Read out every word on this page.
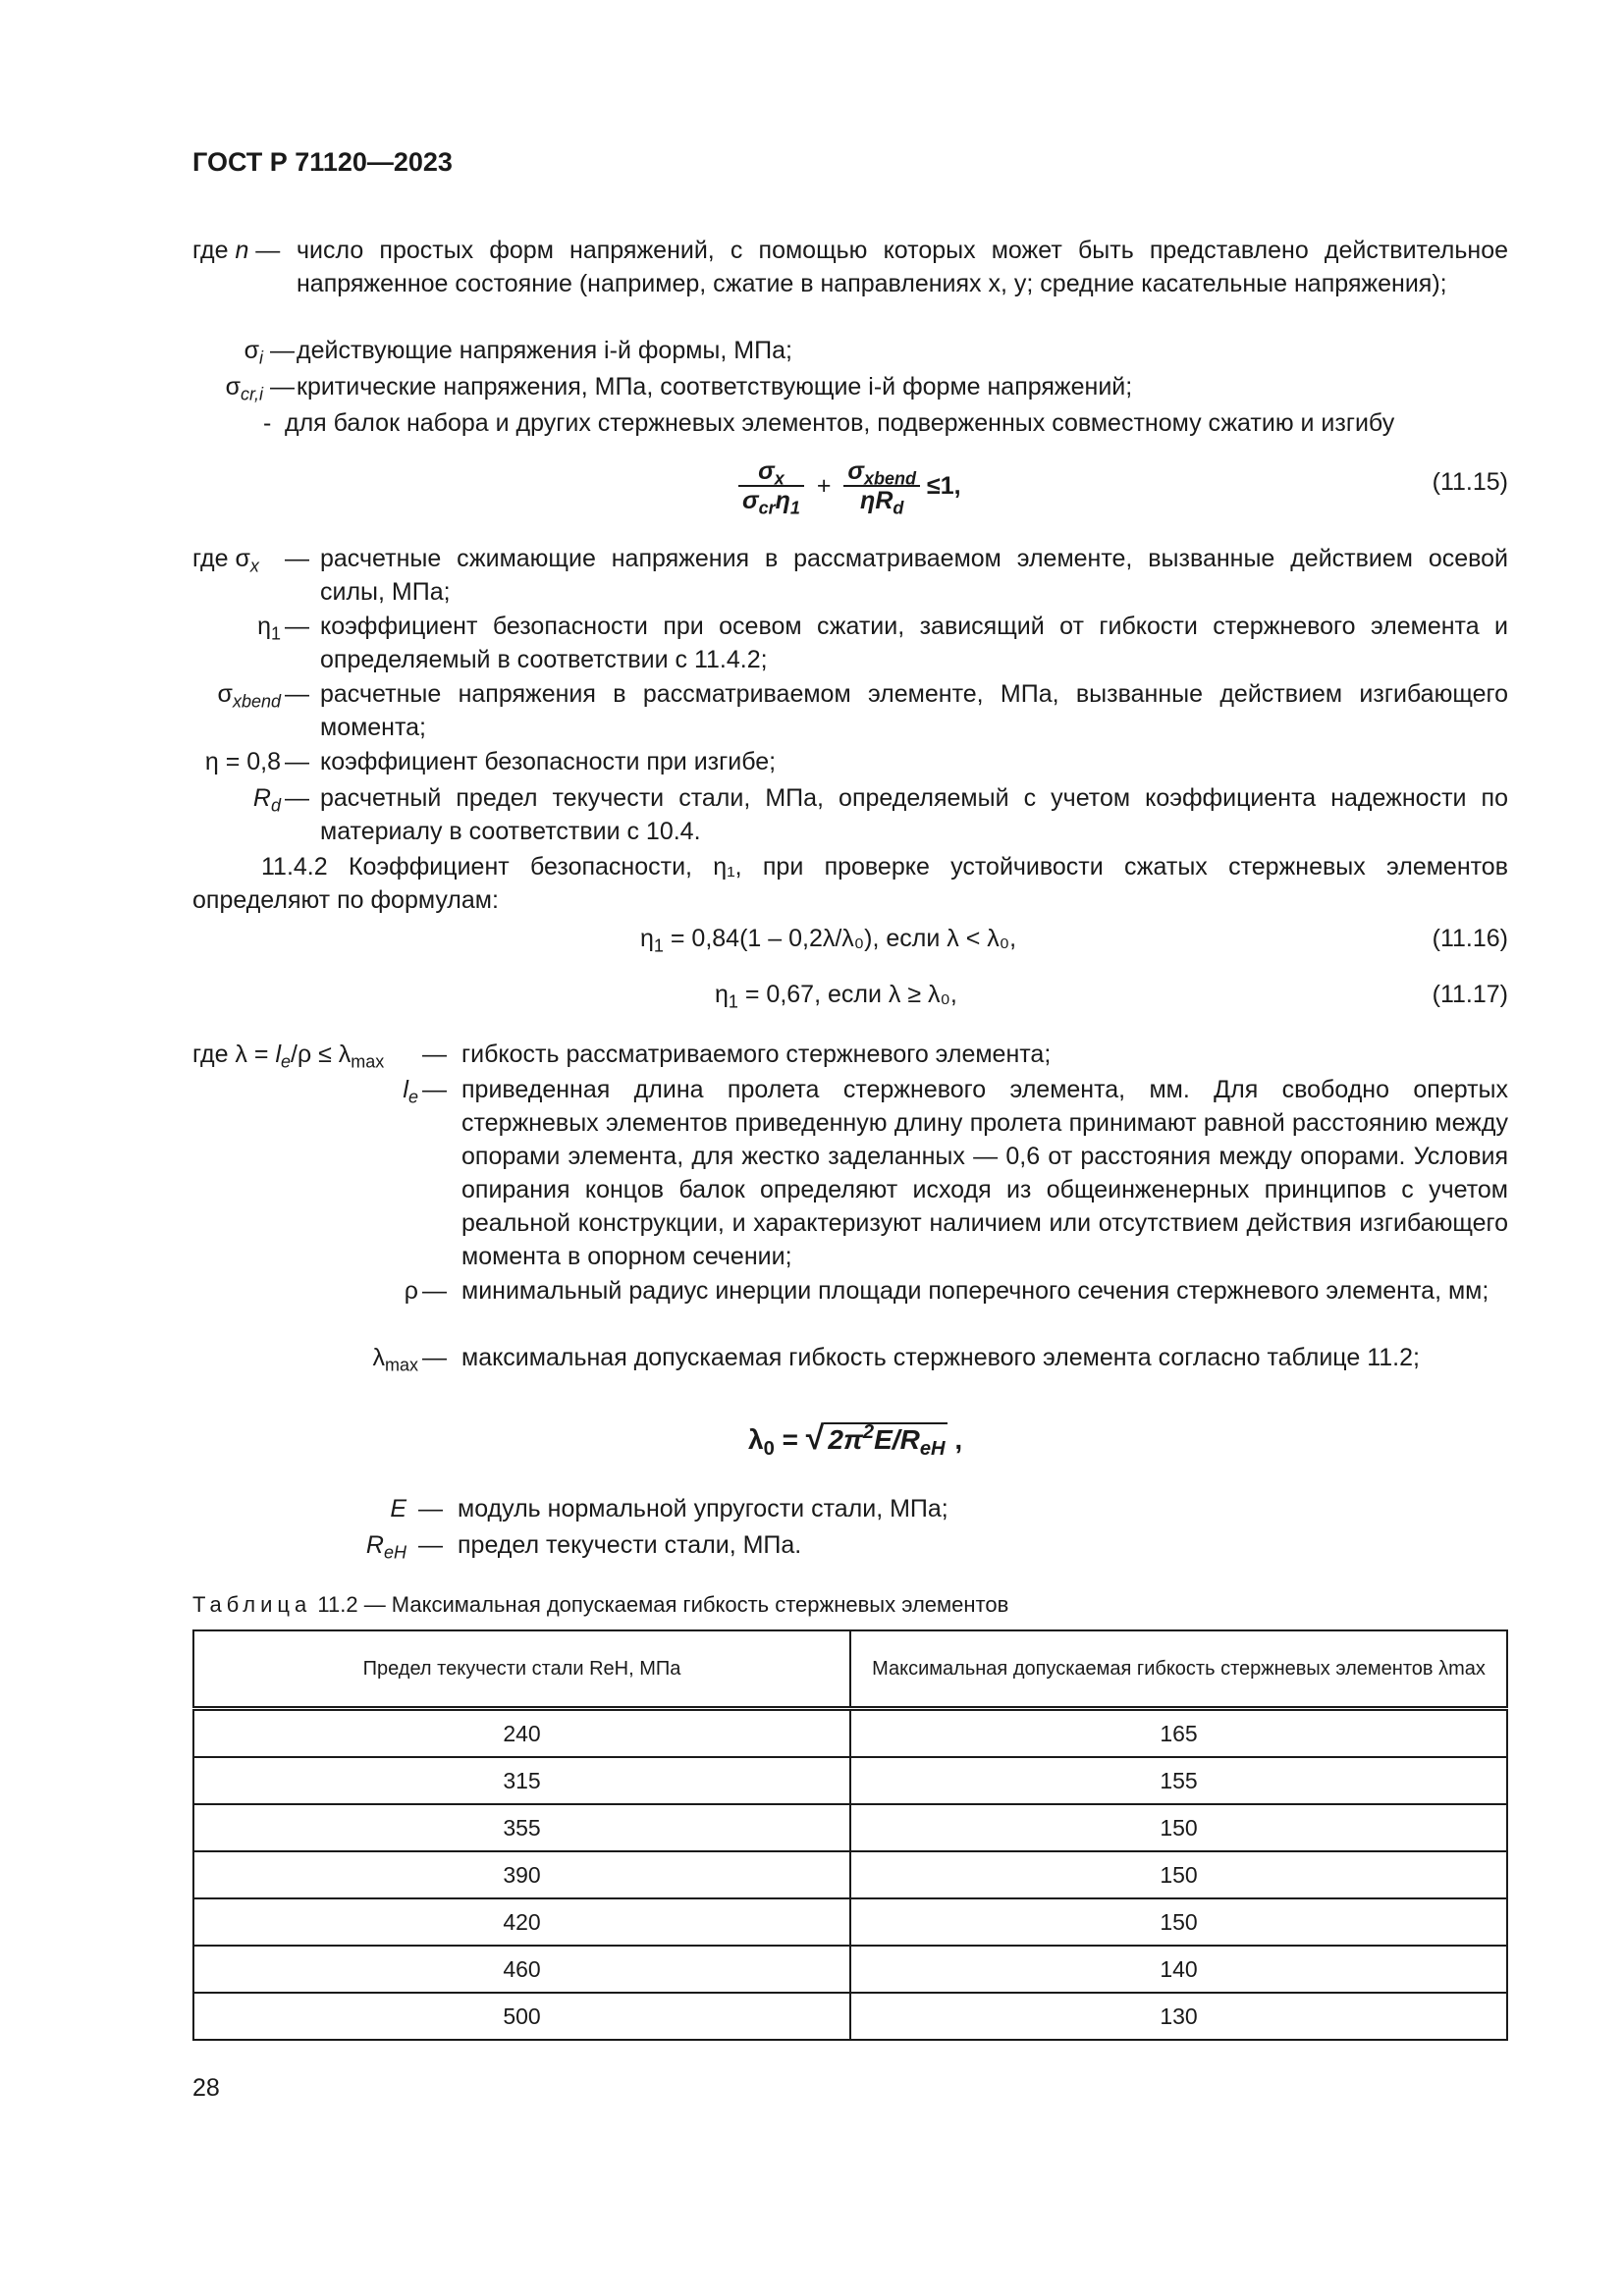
ГОСТ Р 71120—2023
где n — число простых форм напряжений, с помощью которых может быть представлено действительное напряженное состояние (например, сжатие в направлениях x, y; средние касательные напряжения);
$\sigma_i$ — действующие напряжения i-й формы, МПа;
$\sigma_{cr,i}$ — критические напряжения, МПа, соответствующие i-й форме напряжений;
- для балок набора и других стержневых элементов, подверженных совместному сжатию и изгибу
$\frac{\sigma_x}{\sigma_{cr}\eta_1} + \frac{\sigma_{xbend}}{\eta R_d} \le 1$,	(11.15)
где $\sigma_x$ — расчетные сжимающие напряжения в рассматриваемом элементе, вызванные действием осевой силы, МПа;
$\eta_1$ — коэффициент безопасности при осевом сжатии, зависящий от гибкости стержневого элемента и определяемый в соответствии с 11.4.2;
$\sigma_{xbend}$ — расчетные напряжения в рассматриваемом элементе, МПа, вызванные действием изгибающего момента;
η = 0,8 — коэффициент безопасности при изгибе;
$R_d$ — расчетный предел текучести стали, МПа, определяемый с учетом коэффициента надежности по материалу в соответствии с 10.4.
11.4.2 Коэффициент безопасности, η₁, при проверке устойчивости сжатых стержневых элементов определяют по формулам:
$\eta_1 = 0,84(1 - 0,2\lambda/\lambda_0)$, если λ < λ₀,	(11.16)
$\eta_1 = 0,67$, если λ ≥ λ₀,	(11.17)
где $\lambda = l_e/\rho \le \lambda_{max}$ — гибкость рассматриваемого стержневого элемента;
$l_e$ — приведенная длина пролета стержневого элемента, мм. Для свободно опертых стержневых элементов приведенную длину пролета принимают равной расстоянию между опорами элемента, для жестко заделанных — 0,6 от расстояния между опорами. Условия опирания концов балок определяют исходя из общеинженерных принципов с учетом реальной конструкции, и характеризуют наличием или отсутствием действия изгибающего момента в опорном сечении;
ρ — минимальный радиус инерции площади поперечного сечения стержневого элемента, мм;
$\lambda_{max}$ — максимальная допускаемая гибкость стержневого элемента согласно таблице 11.2;
$\lambda_0$ = √ $2\pi^2E/R_{eH}$ ,
E — модуль нормальной упругости стали, МПа;
$R_{eH}$ — предел текучести стали, МПа.
Таблица 11.2 — Максимальная допускаемая гибкость стержневых элементов
Предел текучести стали ReH, МПа	Максимальная допускаемая гибкость стержневых элементов λmax
240	165
315	155
355	150
390	150
420	150
460	140
500	130
28
